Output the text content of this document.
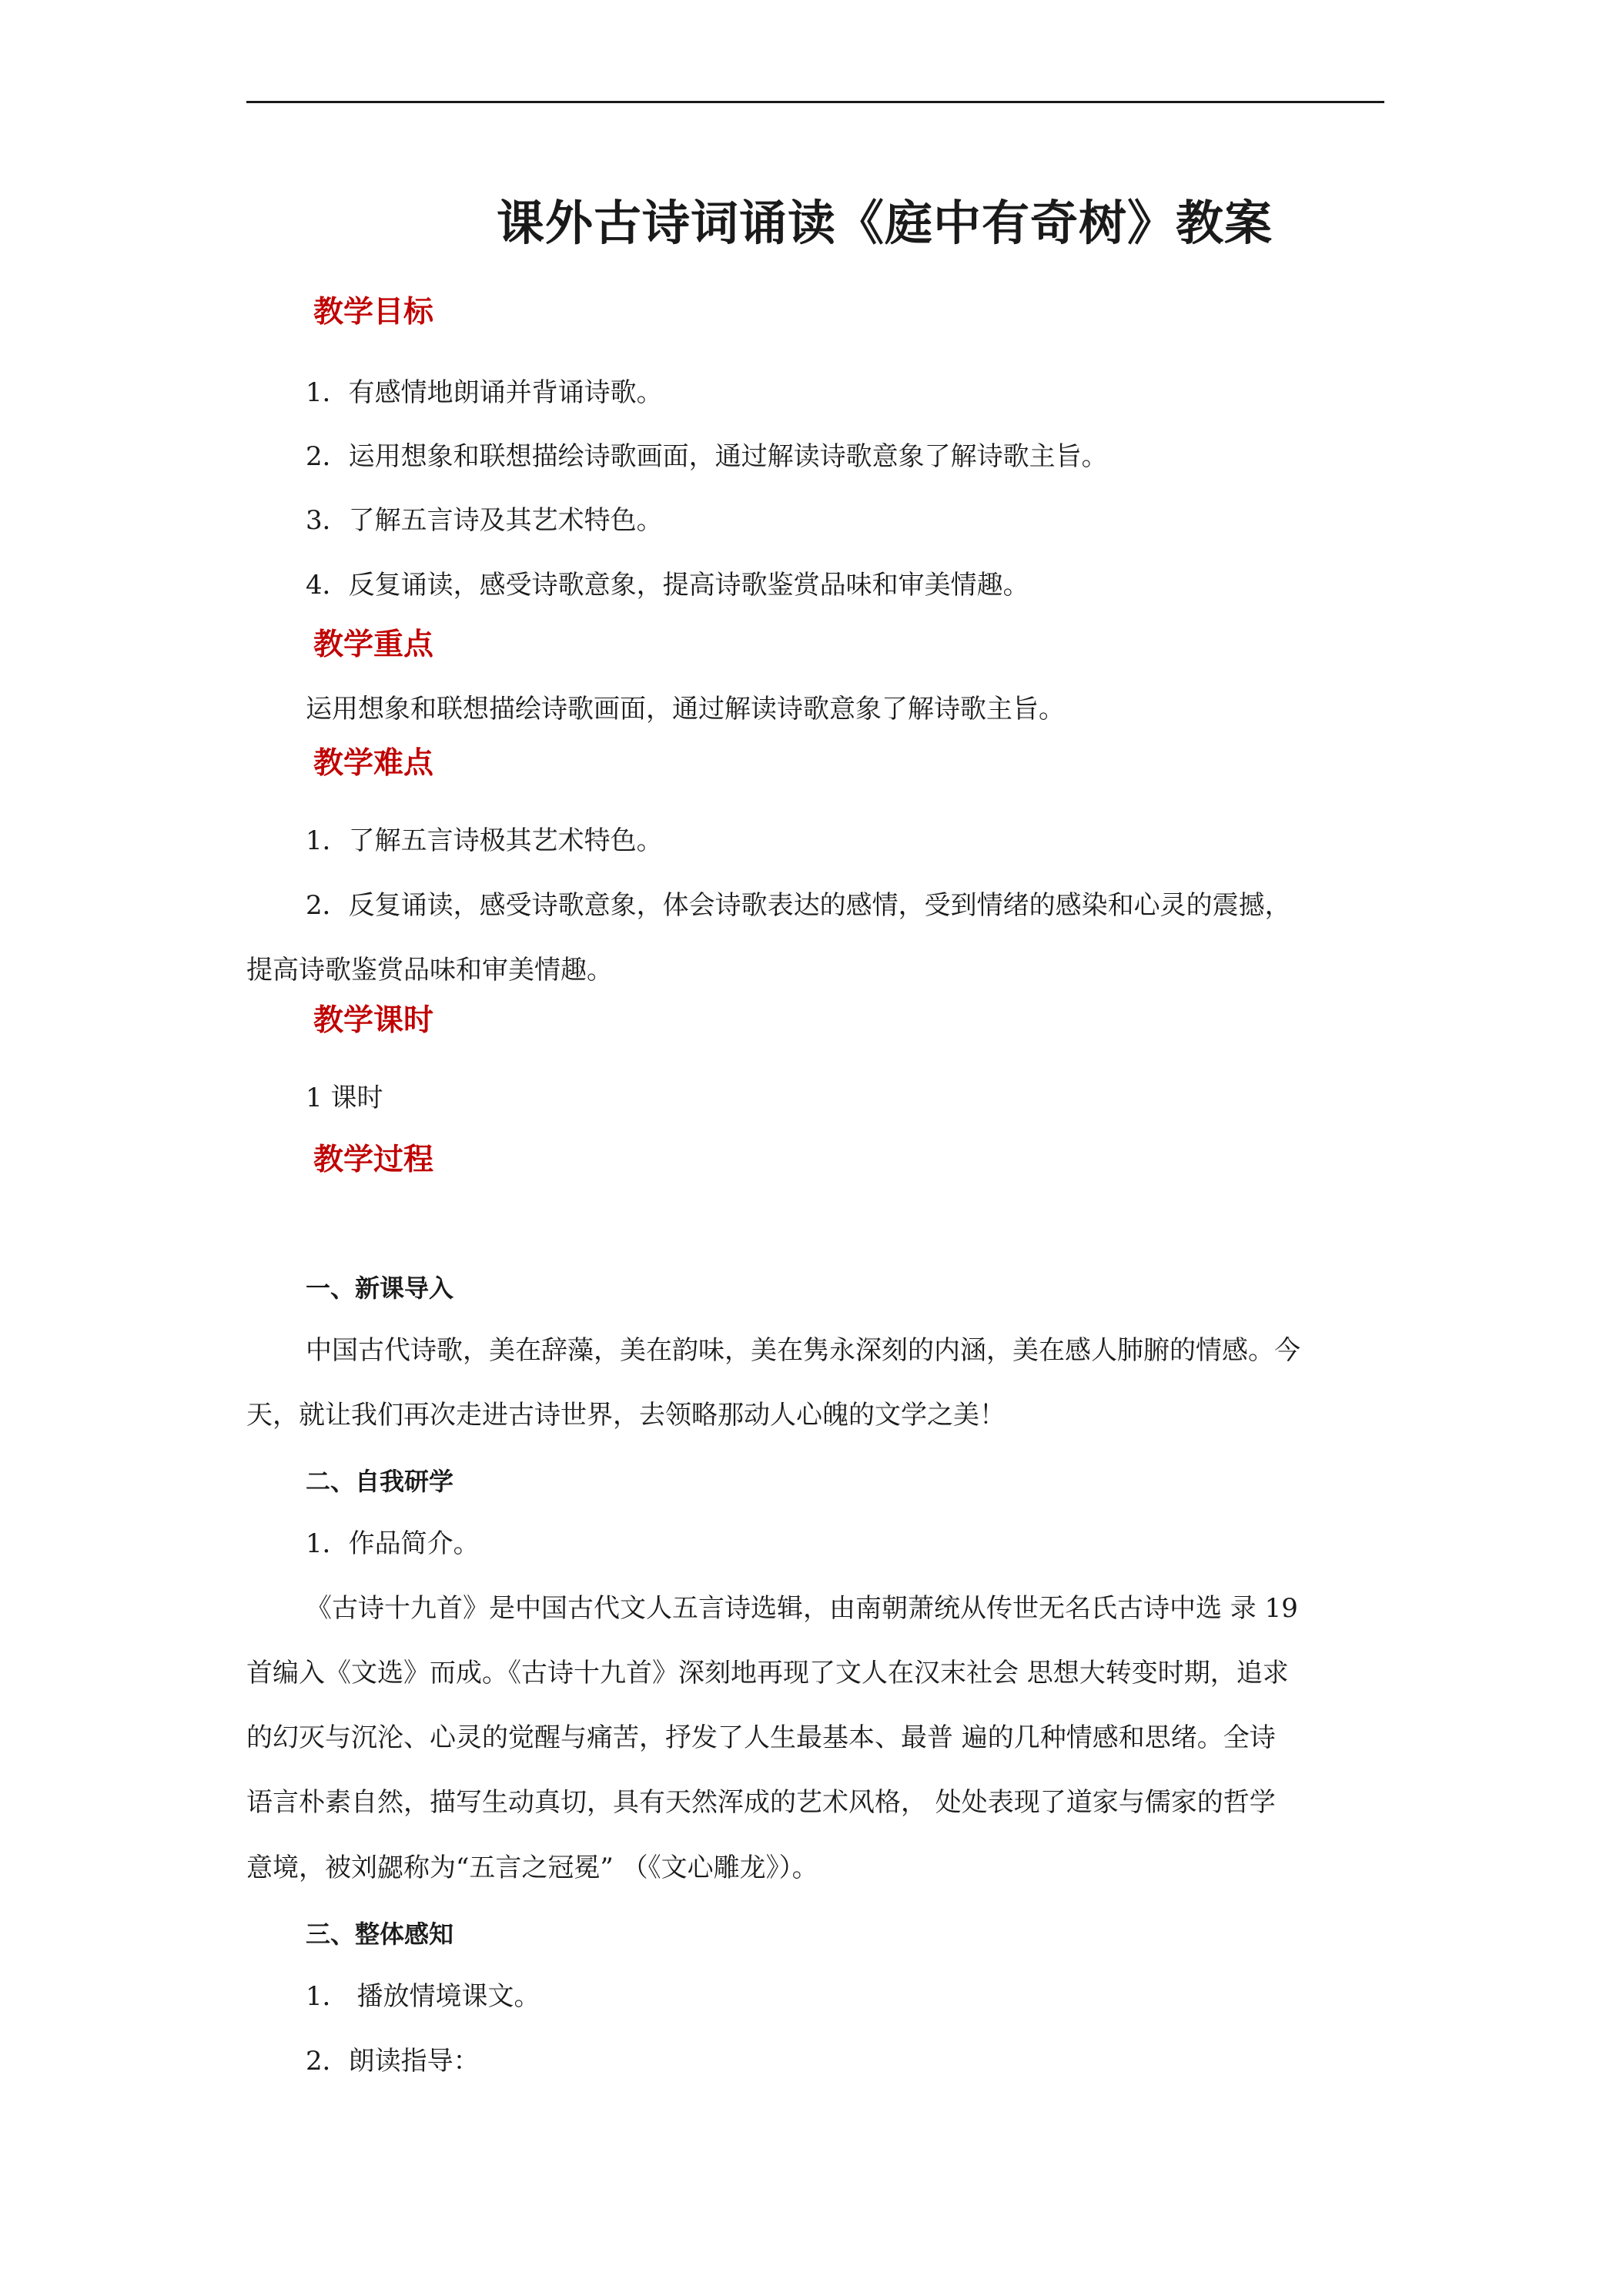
课外古诗词诵读《庭中有奇树》教案
教学目标
1．有感情地朗诵并背诵诗歌。
2．运用想象和联想描绘诗歌画面，通过解读诗歌意象了解诗歌主旨。
3．了解五言诗及其艺术特色。
4．反复诵读，感受诗歌意象，提高诗歌鉴赏品味和审美情趣。
教学重点
运用想象和联想描绘诗歌画面，通过解读诗歌意象了解诗歌主旨。
教学难点
1．了解五言诗极其艺术特色。
2．反复诵读，感受诗歌意象，体会诗歌表达的感情，受到情绪的感染和心灵的震撼，
提高诗歌鉴赏品味和审美情趣。
教学课时
1 课时
教学过程
一、新课导入
中国古代诗歌，美在辞藻，美在韵味，美在隽永深刻的内涵，美在感人肺腑的情感。今
天，就让我们再次走进古诗世界，去领略那动人心魄的文学之美！
二、自我研学
1．作品简介。
《古诗十九首》是中国古代文人五言诗选辑，由南朝萧统从传世无名氏古诗中选 录 19
首编入《文选》而成。《古诗十九首》深刻地再现了文人在汉末社会 思想大转变时期，追求
的幻灭与沉沦、心灵的觉醒与痛苦，抒发了人生最基本、最普 遍的几种情感和思绪。全诗
语言朴素自然，描写生动真切，具有天然浑成的艺术风格， 处处表现了道家与儒家的哲学
意境，被刘勰称为“五言之冠冕” （《文心雕龙》）。
三、整体感知
1． 播放情境课文。
2．朗读指导：
